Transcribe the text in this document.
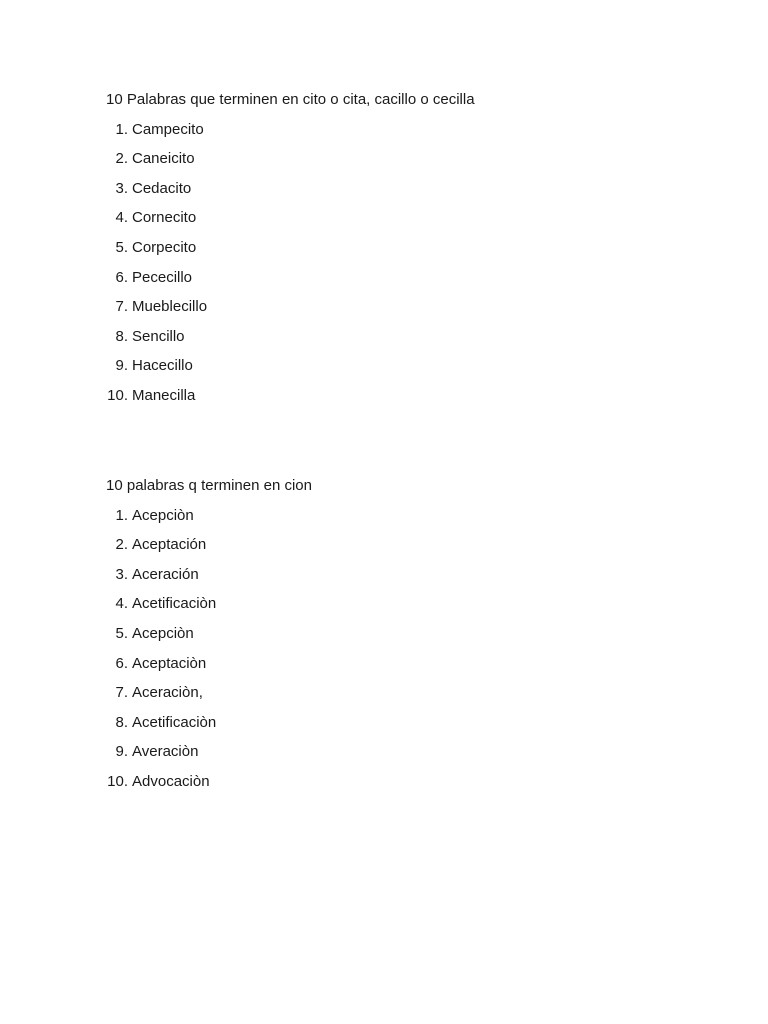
10 Palabras que terminen en cito o cita, cacillo o cecilla
1. Campecito
2. Caneicito
3. Cedacito
4. Cornecito
5. Corpecito
6. Pececillo
7. Mueblecillo
8. Sencillo
9. Hacecillo
10. Manecilla
10 palabras q terminen en cion
1. Acepciòn
2. Aceptación
3. Aceración
4. Acetificaciòn
5. Acepciòn
6. Aceptaciòn
7. Aceraciòn,
8. Acetificaciòn
9. Averaciòn
10. Advocaciòn
